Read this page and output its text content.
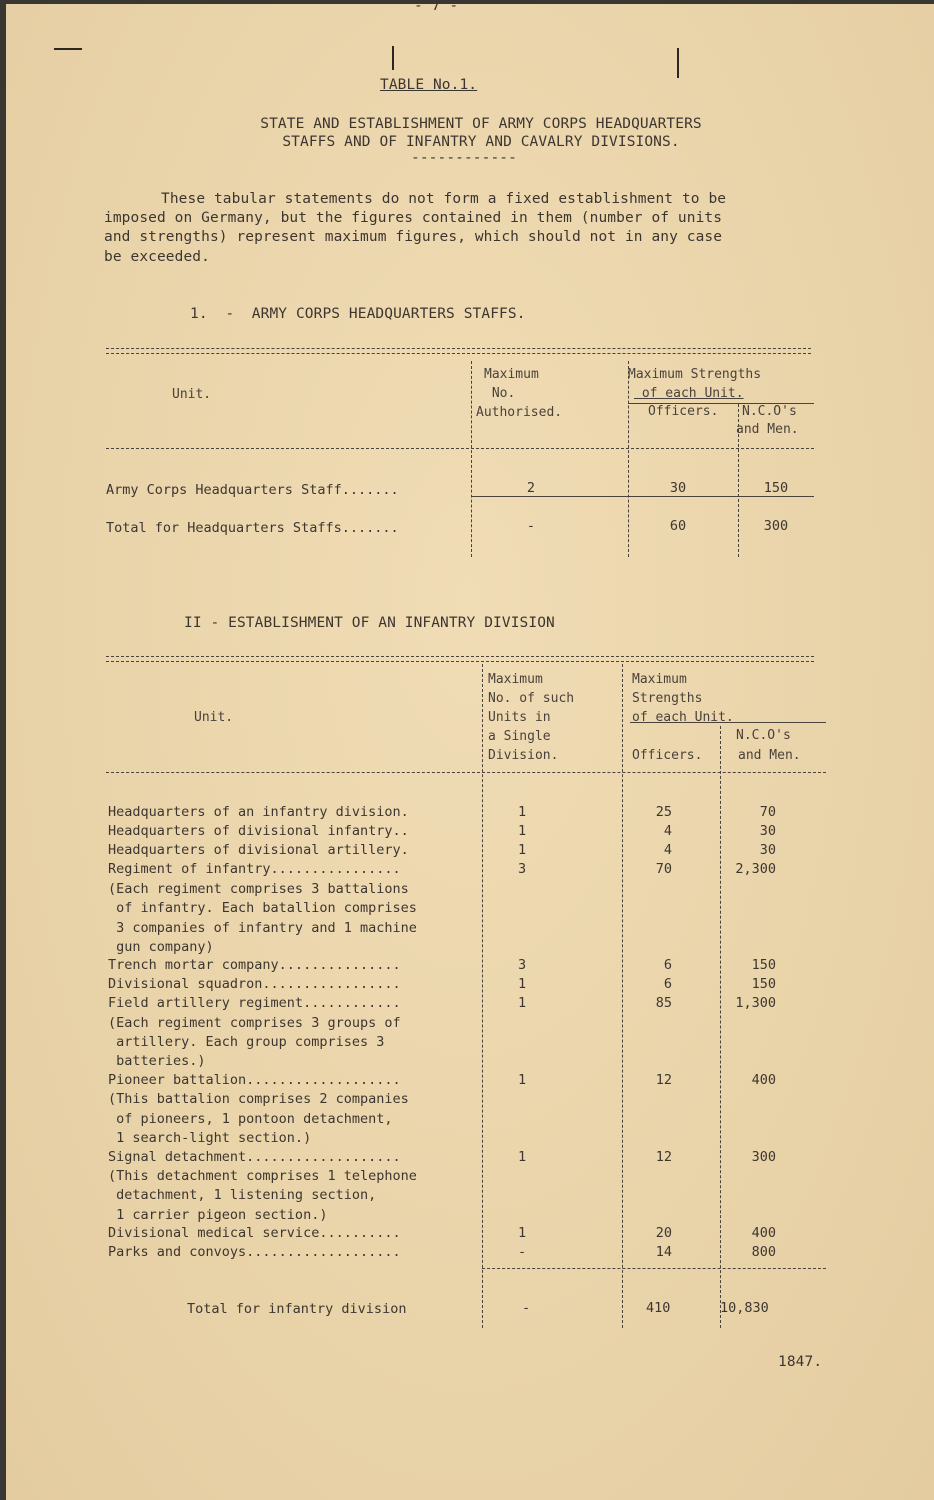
- 7 -
TABLE No.1.
STATE AND ESTABLISHMENT OF ARMY CORPS HEADQUARTERS
STAFFS AND OF INFANTRY AND CAVALRY DIVISIONS.
------------
These tabular statements do not form a fixed establishment to be
imposed on Germany, but the figures contained in them (number of units
and strengths) represent maximum figures, which should not in any case
be exceeded.
1.  -  ARMY CORPS HEADQUARTERS STAFFS.
Unit.
Maximum
No.
Authorised.
Maximum Strengths
of each Unit.
Officers. N.C.O's
and Men.
Army Corps Headquarters Staff.......	2	30	150
Total for Headquarters Staffs.......	-	60	300
II - ESTABLISHMENT OF AN INFANTRY DIVISION
Unit.
Maximum
No. of such
Units in
a Single
Division.
Maximum
Strengths
of each Unit.
Officers.
N.C.O's
and Men.
Headquarters of an infantry division.	1	25	70
Headquarters of divisional infantry..	1	4	30
Headquarters of divisional artillery.	1	4	30
Regiment of infantry................	3	70	2,300
(Each regiment comprises 3 battalions
of infantry. Each batallion comprises
3 companies of infantry and 1 machine
gun company)
Trench mortar company...............	3	6	150
Divisional squadron.................	1	6	150
Field artillery regiment............	1	85	1,300
(Each regiment comprises 3 groups of
artillery. Each group comprises 3
batteries.)
Pioneer battalion...................	1	12	400
(This battalion comprises 2 companies
of pioneers, 1 pontoon detachment,
1 search-light section.)
Signal detachment...................	1	12	300
(This detachment comprises 1 telephone
detachment, 1 listening section,
1 carrier pigeon section.)
Divisional medical service..........	1	20	400
Parks and convoys...................	-	14	800
Total for infantry division	-	410	10,830
1847.
